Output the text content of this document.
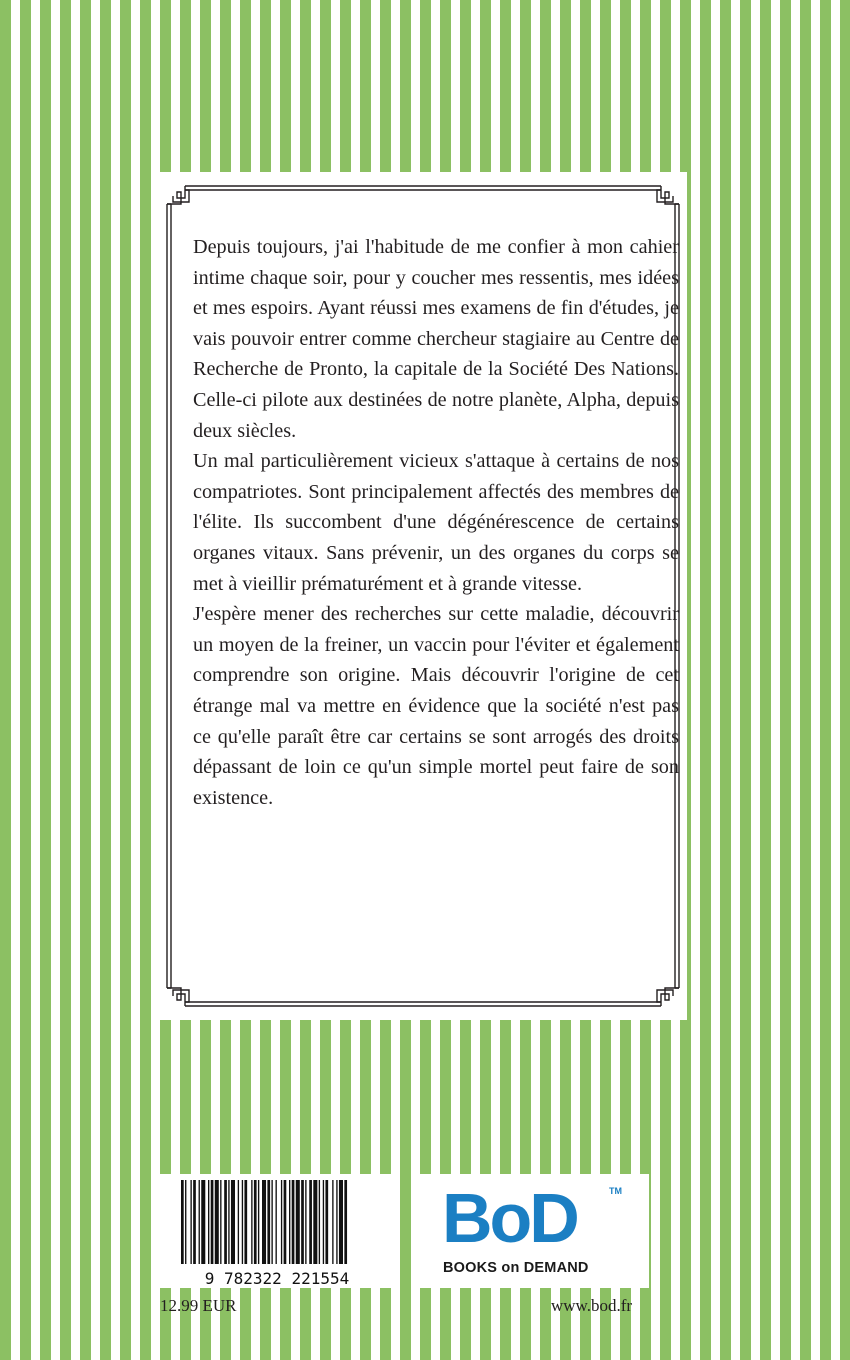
Depuis toujours, j'ai l'habitude de me confier à mon cahier intime chaque soir, pour y coucher mes ressentis, mes idées et mes espoirs. Ayant réussi mes examens de fin d'études, je vais pouvoir entrer comme chercheur stagiaire au Centre de Recherche de Pronto, la capitale de la Société Des Nations. Celle-ci pilote aux destinées de notre planète, Alpha, depuis deux siècles.

Un mal particulièrement vicieux s'attaque à certains de nos compatriotes. Sont principalement affectés des membres de l'élite. Ils succombent d'une dégénérescence de certains organes vitaux. Sans prévenir, un des organes du corps se met à vieillir prématurément et à grande vitesse.

J'espère mener des recherches sur cette maladie, découvrir un moyen de la freiner, un vaccin pour l'éviter et également comprendre son origine. Mais découvrir l'origine de cet étrange mal va mettre en évidence que la société n'est pas ce qu'elle paraît être car certains se sont arrogés des droits dépassant de loin ce qu'un simple mortel peut faire de son existence.

9 782322 221554
BoD	TM
BOOKS on DEMAND
12.99 EUR	www.bod.fr
